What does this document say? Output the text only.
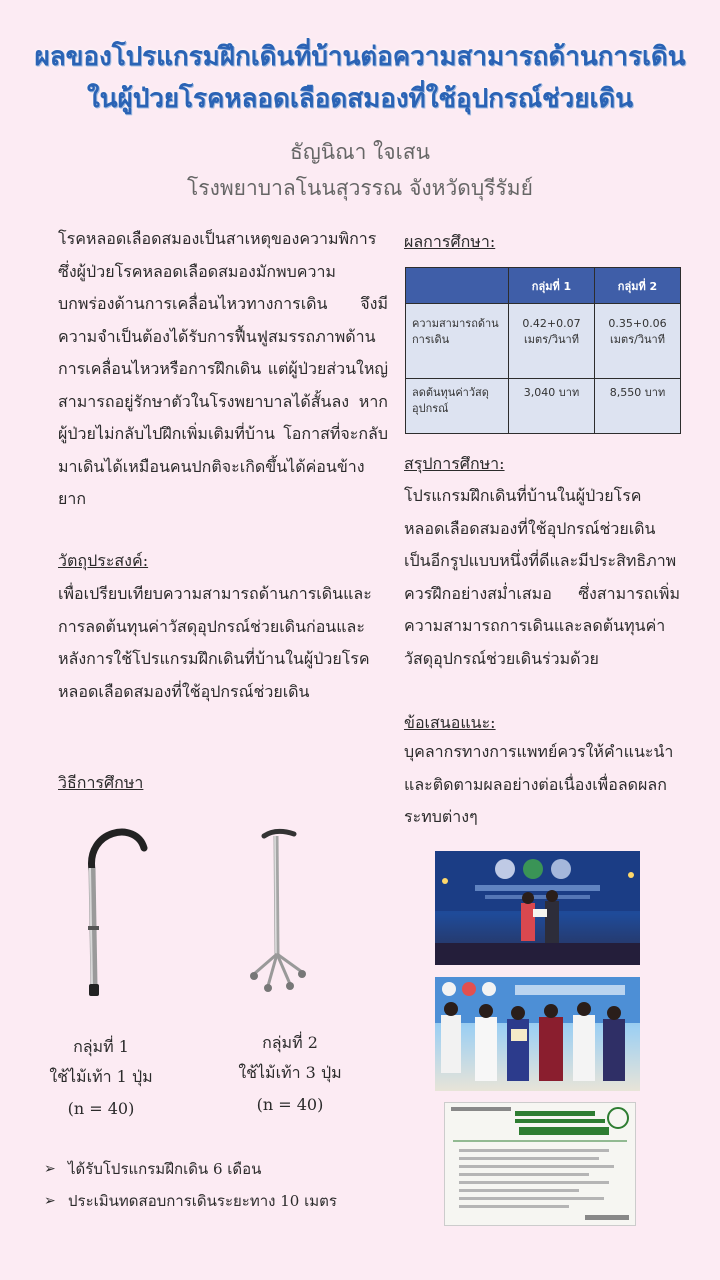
ผลของโปรแกรมฝึกเดินที่บ้านต่อความสามารถด้านการเดิน
ในผู้ป่วยโรคหลอดเลือดสมองที่ใช้อุปกรณ์ช่วยเดิน
ธัญนิณา ใจเสน
โรงพยาบาลโนนสุวรรณ จังหวัดบุรีรัมย์
โรคหลอดเลือดสมองเป็นสาเหตุของความพิการ ซึ่งผู้ป่วยโรคหลอดเลือดสมองมักพบความบกพร่องด้านการเคลื่อนไหวทางการเดิน จึงมีความจำเป็นต้องได้รับการฟื้นฟูสมรรถภาพด้านการเคลื่อนไหวหรือการฝึกเดิน แต่ผู้ป่วยส่วนใหญ่สามารถอยู่รักษาตัวในโรงพยาบาลได้สั้นลง หากผู้ป่วยไม่กลับไปฝึกเพิ่มเติมที่บ้าน โอกาสที่จะกลับมาเดินได้เหมือนคนปกติจะเกิดขึ้นได้ค่อนข้างยาก
วัตถุประสงค์:
เพื่อเปรียบเทียบความสามารถด้านการเดินและการลดต้นทุนค่าวัสดุอุปกรณ์ช่วยเดินก่อนและหลังการใช้โปรแกรมฝึกเดินที่บ้านในผู้ป่วยโรคหลอดเลือดสมองที่ใช้อุปกรณ์ช่วยเดิน
วิธีการศึกษา
กลุ่มที่ 1
ใช้ไม้เท้า 1 ปุ่ม
(n = 40)
กลุ่มที่ 2
ใช้ไม้เท้า 3 ปุ่ม
(n = 40)
➢ ได้รับโปรแกรมฝึกเดิน 6 เดือน
➢ ประเมินทดสอบการเดินระยะทาง 10 เมตร
ผลการศึกษา:
	กลุ่มที่ 1	กลุ่มที่ 2
ความสามารถด้านการเดิน	0.42+0.07 เมตร/วินาที	0.35+0.06 เมตร/วินาที
ลดต้นทุนค่าวัสดุอุปกรณ์	3,040 บาท	8,550 บาท
สรุปการศึกษา:
โปรแกรมฝึกเดินที่บ้านในผู้ป่วยโรคหลอดเลือดสมองที่ใช้อุปกรณ์ช่วยเดินเป็นอีกรูปแบบหนึ่งที่ดีและมีประสิทธิภาพ ควรฝึกอย่างสม่ำเสมอ ซึ่งสามารถเพิ่มความสามารถการเดินและลดต้นทุนค่าวัสดุอุปกรณ์ช่วยเดินร่วมด้วย
ข้อเสนอแนะ:
บุคลากรทางการแพทย์ควรให้คำแนะนำ และติดตามผลอย่างต่อเนื่องเพื่อลดผลกระทบต่างๆ
